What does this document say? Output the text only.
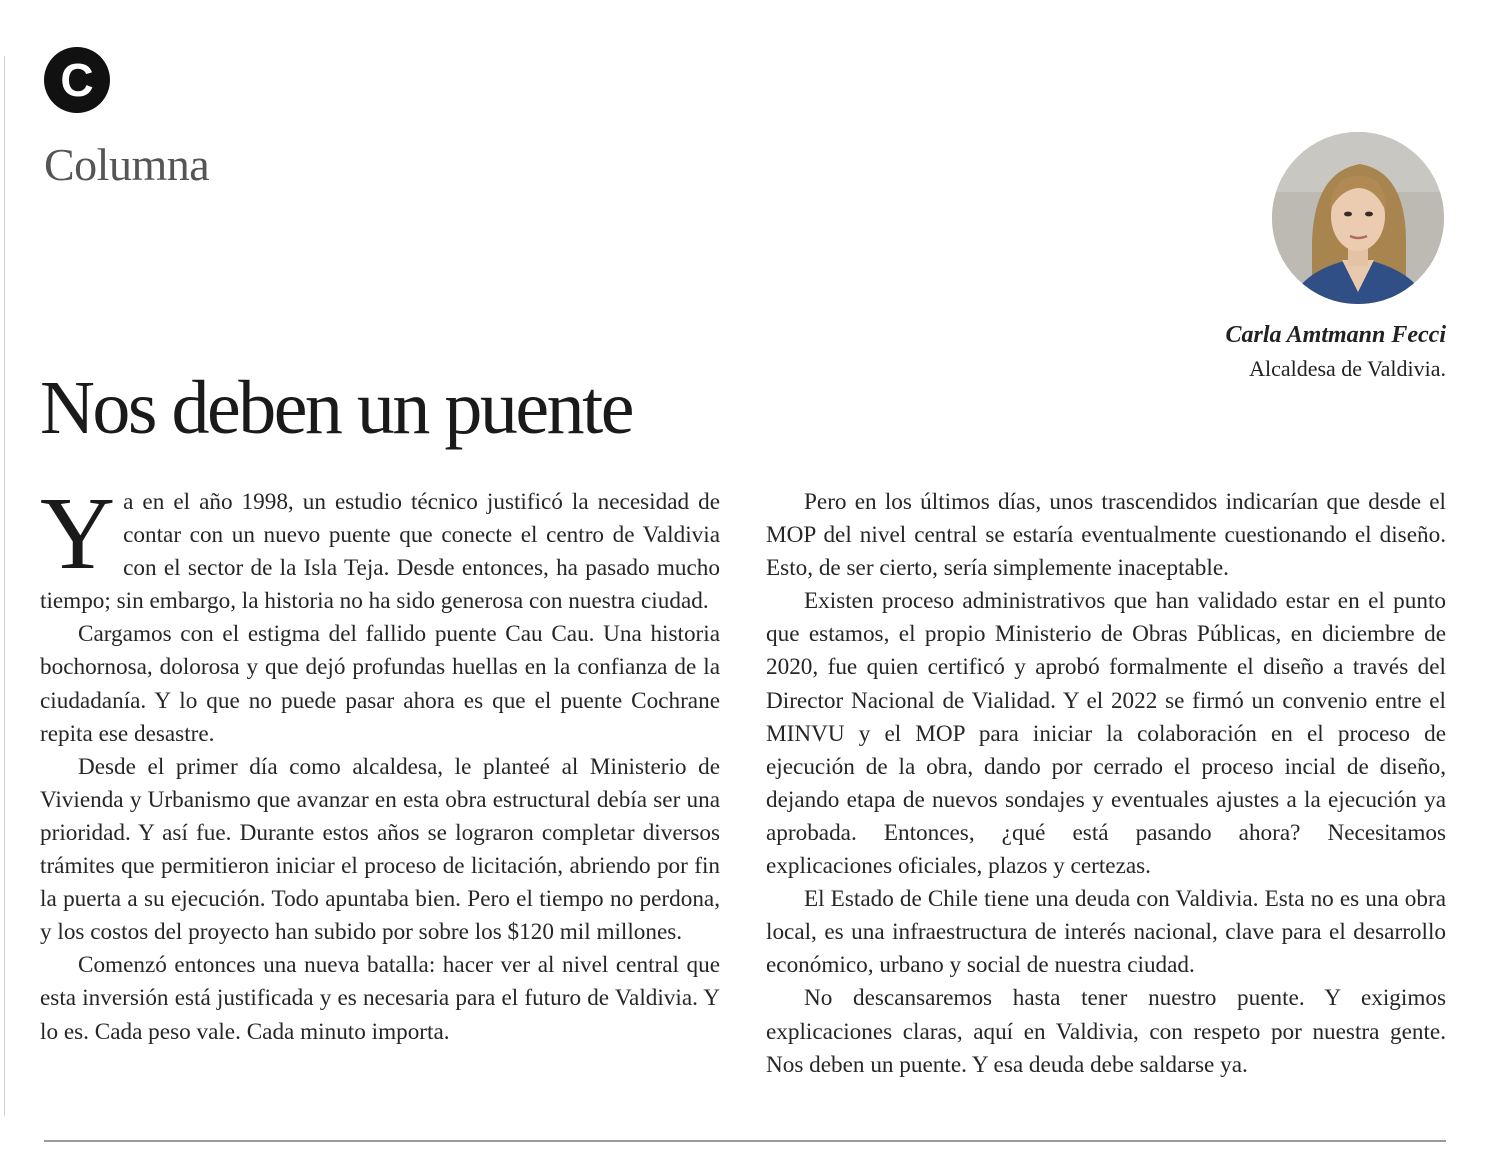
C
Columna
Carla Amtmann Fecci
Alcaldesa de Valdivia.
Nos deben un puente

Ya en el año 1998, un estudio técnico justificó la necesidad de contar con un nuevo puente que conecte el centro de Valdivia con el sector de la Isla Teja. Desde entonces, ha pasado mucho tiempo; sin embargo, la historia no ha sido generosa con nuestra ciudad.

Cargamos con el estigma del fallido puente Cau Cau. Una historia bochornosa, dolorosa y que dejó profundas huellas en la confianza de la ciudadanía. Y lo que no puede pasar ahora es que el puente Cochrane repita ese desastre.

Desde el primer día como alcaldesa, le planteé al Ministerio de Vivienda y Urbanismo que avanzar en esta obra estructural debía ser una prioridad. Y así fue. Durante estos años se lograron completar diversos trámites que permitieron iniciar el proceso de licitación, abriendo por fin la puerta a su ejecución. Todo apuntaba bien. Pero el tiempo no perdona, y los costos del proyecto han subido por sobre los $120 mil millones.

Comenzó entonces una nueva batalla: hacer ver al nivel central que esta inversión está justificada y es necesaria para el futuro de Valdivia. Y lo es. Cada peso vale. Cada minuto importa.

Pero en los últimos días, unos trascendidos indicarían que desde el MOP del nivel central se estaría eventualmente cuestionando el diseño. Esto, de ser cierto, sería simplemente inaceptable.

Existen proceso administrativos que han validado estar en el punto que estamos, el propio Ministerio de Obras Públicas, en diciembre de 2020, fue quien certificó y aprobó formalmente el diseño a través del Director Nacional de Vialidad. Y el 2022 se firmó un convenio entre el MINVU y el MOP para iniciar la colaboración en el proceso de ejecución de la obra, dando por cerrado el proceso incial de diseño, dejando etapa de nuevos sondajes y eventuales ajustes a la ejecución ya aprobada. Entonces, ¿qué está pasando ahora? Necesitamos explicaciones oficiales, plazos y certezas.

El Estado de Chile tiene una deuda con Valdivia. Esta no es una obra local, es una infraestructura de interés nacional, clave para el desarrollo económico, urbano y social de nuestra ciudad.

No descansaremos hasta tener nuestro puente. Y exigimos explicaciones claras, aquí en Valdivia, con respeto por nuestra gente. Nos deben un puente. Y esa deuda debe saldarse ya.
